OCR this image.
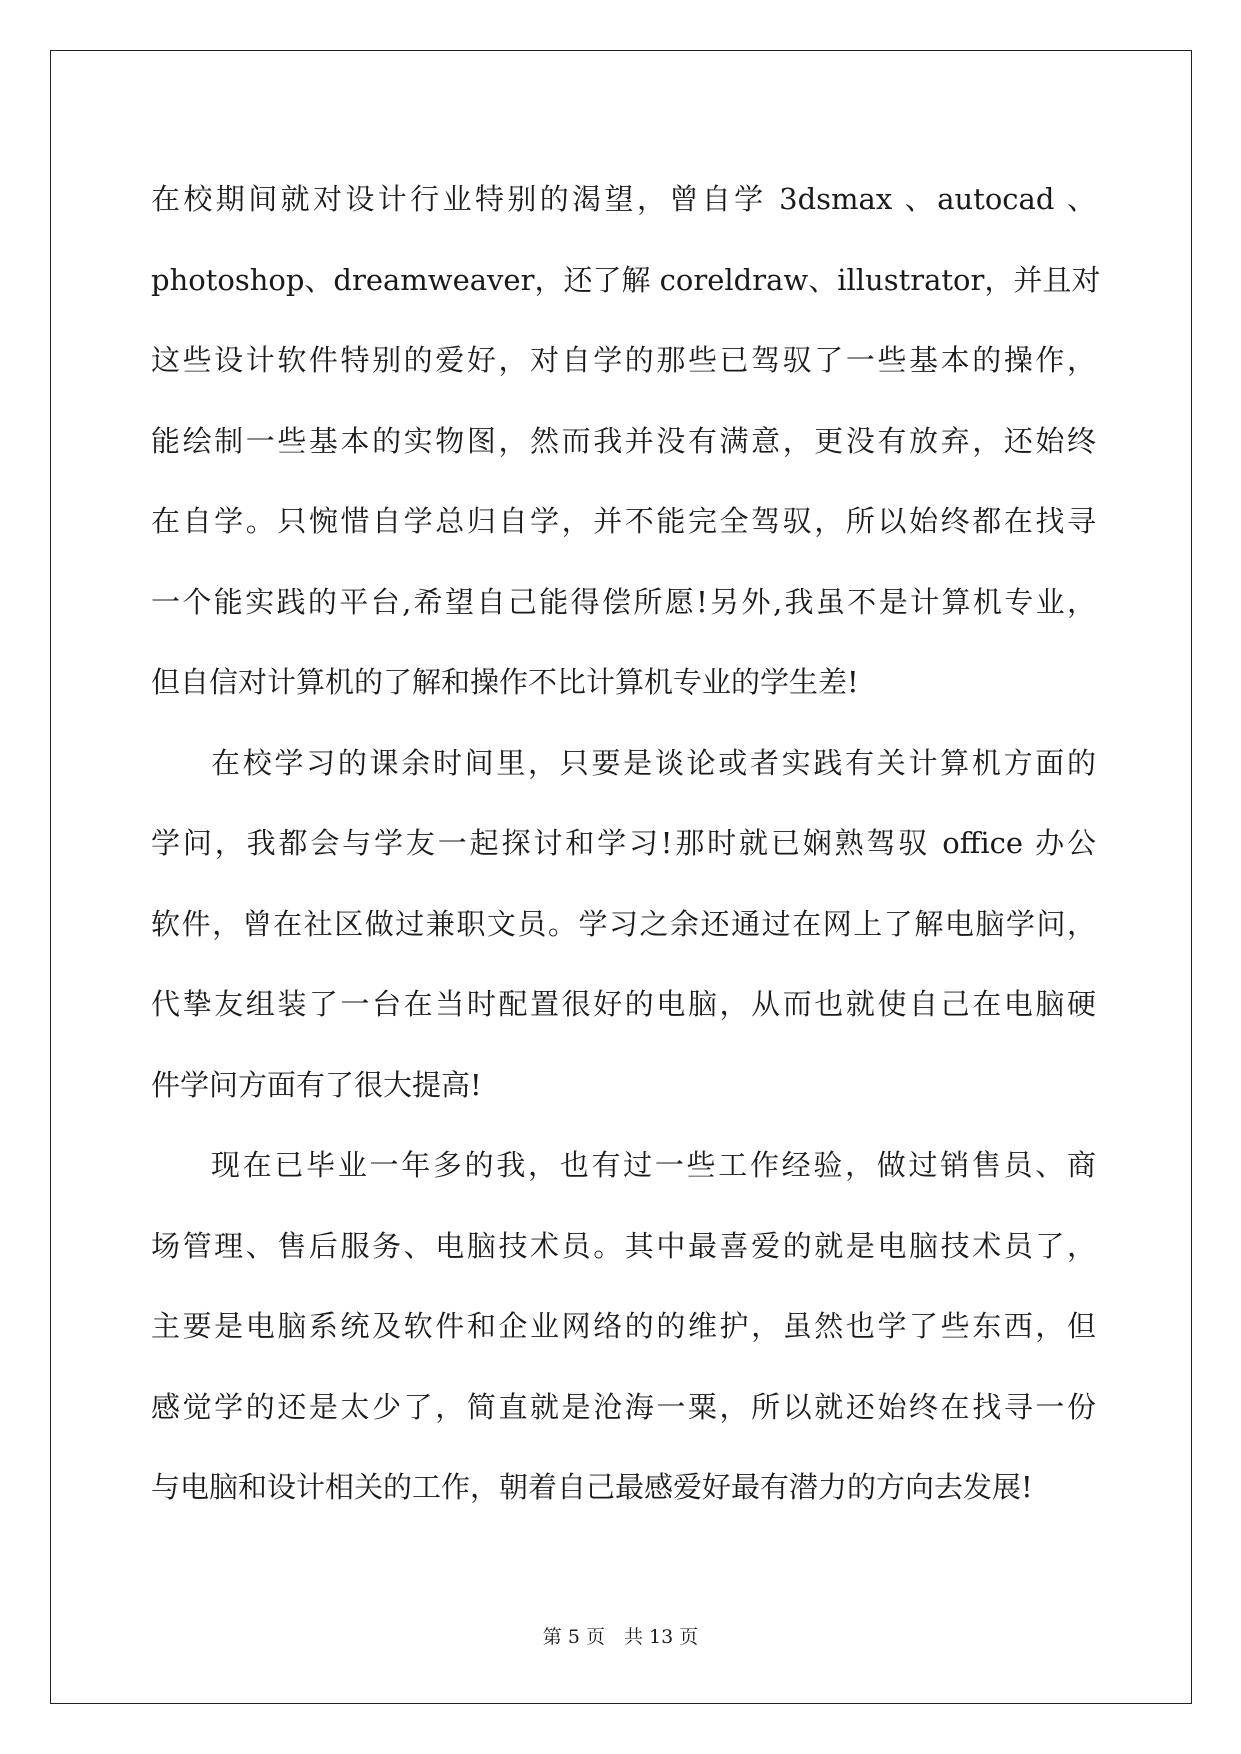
在校期间就对设计行业特别的渴望，曾自学 3dsmax 、autocad 、
photoshop、dreamweaver，还了解 coreldraw、illustrator，并且对
这些设计软件特别的爱好，对自学的那些已驾驭了一些基本的操作，
能绘制一些基本的实物图，然而我并没有满意，更没有放弃，还始终
在自学。只惋惜自学总归自学，并不能完全驾驭，所以始终都在找寻
一个能实践的平台,希望自己能得偿所愿!另外,我虽不是计算机专业，
但自信对计算机的了解和操作不比计算机专业的学生差!
在校学习的课余时间里，只要是谈论或者实践有关计算机方面的
学问，我都会与学友一起探讨和学习!那时就已娴熟驾驭 office 办公
软件，曾在社区做过兼职文员。学习之余还通过在网上了解电脑学问，
代挚友组装了一台在当时配置很好的电脑，从而也就使自己在电脑硬
件学问方面有了很大提高!
现在已毕业一年多的我，也有过一些工作经验，做过销售员、商
场管理、售后服务、电脑技术员。其中最喜爱的就是电脑技术员了，
主要是电脑系统及软件和企业网络的的维护，虽然也学了些东西，但
感觉学的还是太少了，简直就是沧海一粟，所以就还始终在找寻一份
与电脑和设计相关的工作，朝着自己最感爱好最有潜力的方向去发展!
第 5 页　共 13 页
